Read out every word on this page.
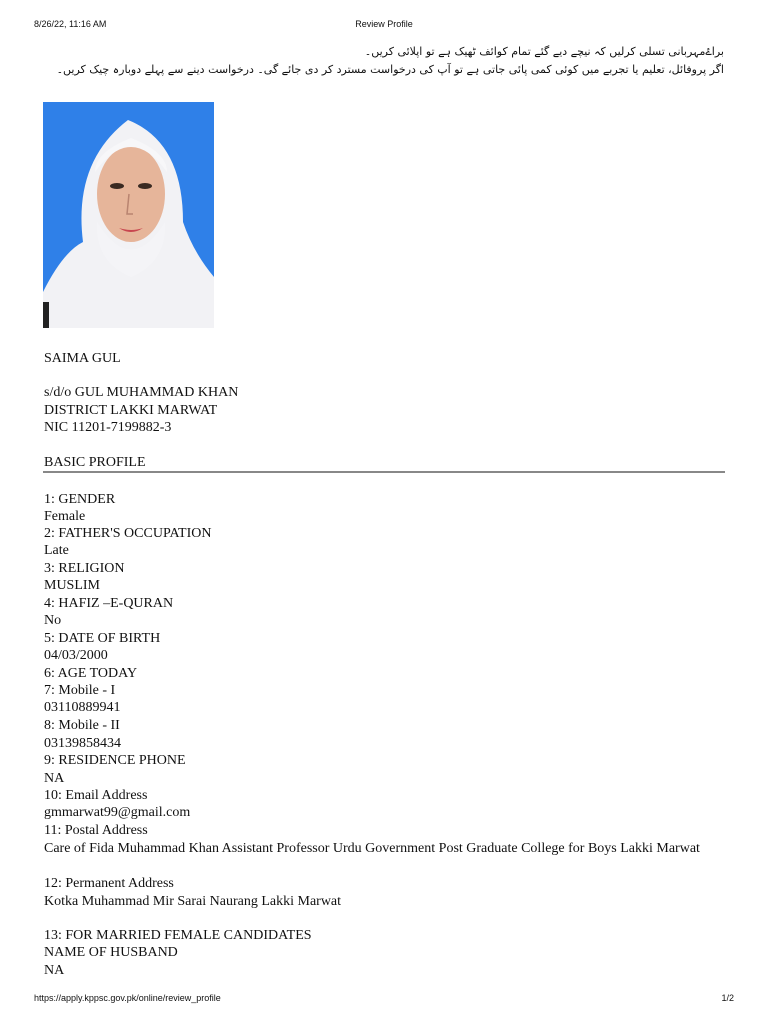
8/26/22, 11:16 AM	Review Profile
براۓمہربانی تسلی کرلیں کہ نیچے دیے گئے تمام کوائف ٹھیک ہے تو اپلائی کریں۔
اگر پروفائل، تعلیم یا تجربے میں کوئی کمی پائی جاتی ہے تو آپ کی درخواست مسترد کر دی جائے گی۔ درخواست دینے سے پہلے دوبارہ چیک کریں۔
SAIMA GUL
s/d/o GUL MUHAMMAD KHAN
DISTRICT LAKKI MARWAT
NIC 11201-7199882-3
BASIC PROFILE
1: GENDER
Female
2: FATHER'S OCCUPATION
Late
3: RELIGION
MUSLIM
4: HAFIZ –E-QURAN
No
5: DATE OF BIRTH
04/03/2000
6: AGE TODAY
7: Mobile - I
03110889941
8: Mobile - II
03139858434
9: RESIDENCE PHONE
NA
10: Email Address
gmmarwat99@gmail.com
11: Postal Address
Care of Fida Muhammad Khan Assistant Professor Urdu Government Post Graduate College for Boys Lakki Marwat
12: Permanent Address
Kotka Muhammad Mir Sarai Naurang Lakki Marwat
13: FOR MARRIED FEMALE CANDIDATES
NAME OF HUSBAND
NA
https://apply.kppsc.gov.pk/online/review_profile	1/2
